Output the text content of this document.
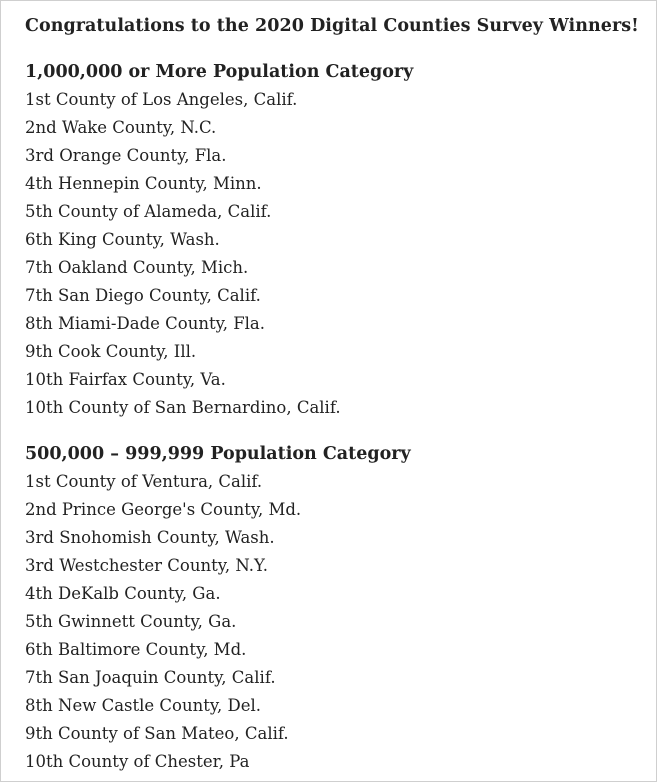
Congratulations to the 2020 Digital Counties Survey Winners!
1,000,000 or More Population Category
1st County of Los Angeles, Calif.
2nd Wake County, N.C.
3rd Orange County, Fla.
4th Hennepin County, Minn.
5th County of Alameda, Calif.
6th King County, Wash.
7th Oakland County, Mich.
7th San Diego County, Calif.
8th Miami-Dade County, Fla.
9th Cook County, Ill.
10th Fairfax County, Va.
10th County of San Bernardino, Calif.
500,000 – 999,999 Population Category
1st County of Ventura, Calif.
2nd Prince George's County, Md.
3rd Snohomish County, Wash.
3rd Westchester County, N.Y.
4th DeKalb County, Ga.
5th Gwinnett County, Ga.
6th Baltimore County, Md.
7th San Joaquin County, Calif.
8th New Castle County, Del.
9th County of San Mateo, Calif.
10th County of Chester, Pa
